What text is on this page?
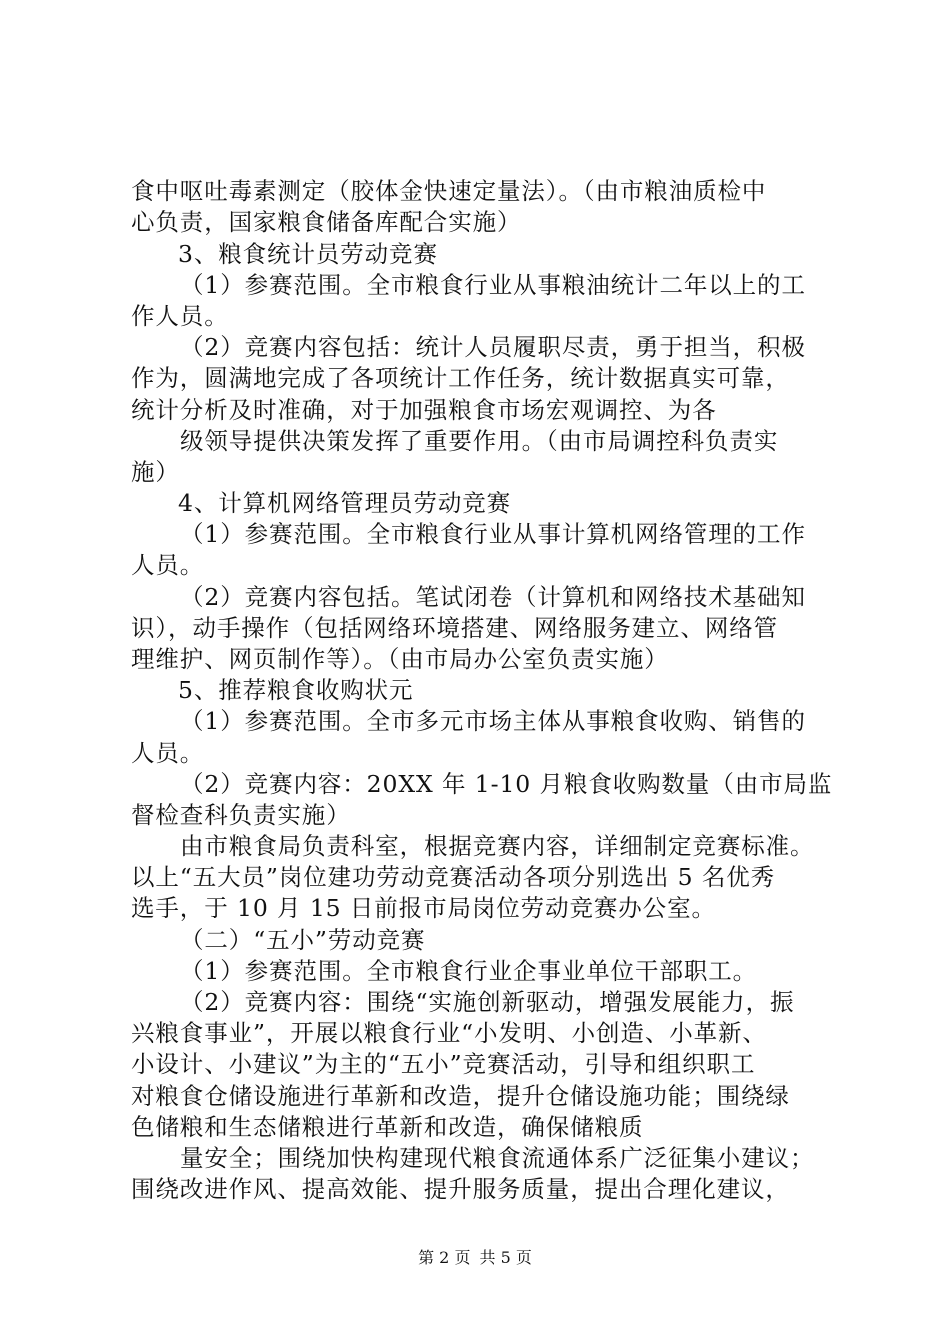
食中呕吐毒素测定（胶体金快速定量法）。（由市粮油质检中
心负责，国家粮食储备库配合实施）
3、粮食统计员劳动竞赛
（1）参赛范围。全市粮食行业从事粮油统计二年以上的工
作人员。
（2）竞赛内容包括：统计人员履职尽责，勇于担当，积极
作为，圆满地完成了各项统计工作任务，统计数据真实可靠，
统计分析及时准确，对于加强粮食市场宏观调控、为各
级领导提供决策发挥了重要作用。（由市局调控科负责实
施）
4、计算机网络管理员劳动竞赛
（1）参赛范围。全市粮食行业从事计算机网络管理的工作
人员。
（2）竞赛内容包括。笔试闭卷（计算机和网络技术基础知
识），动手操作（包括网络环境搭建、网络服务建立、网络管
理维护、网页制作等）。（由市局办公室负责实施）
5、推荐粮食收购状元
（1）参赛范围。全市多元市场主体从事粮食收购、销售的
人员。
（2）竞赛内容：20XX 年 1-10 月粮食收购数量（由市局监
督检查科负责实施）
由市粮食局负责科室，根据竞赛内容，详细制定竞赛标准。
以上“五大员”岗位建功劳动竞赛活动各项分别选出 5 名优秀
选手，于 10 月 15 日前报市局岗位劳动竞赛办公室。
（二）“五小”劳动竞赛
（1）参赛范围。全市粮食行业企事业单位干部职工。
（2）竞赛内容：围绕“实施创新驱动，增强发展能力，振
兴粮食事业”，开展以粮食行业“小发明、小创造、小革新、
小设计、小建议”为主的“五小”竞赛活动，引导和组织职工
对粮食仓储设施进行革新和改造，提升仓储设施功能；围绕绿
色储粮和生态储粮进行革新和改造，确保储粮质
量安全；围绕加快构建现代粮食流通体系广泛征集小建议；
围绕改进作风、提高效能、提升服务质量，提出合理化建议，
第 2 页 共 5 页
